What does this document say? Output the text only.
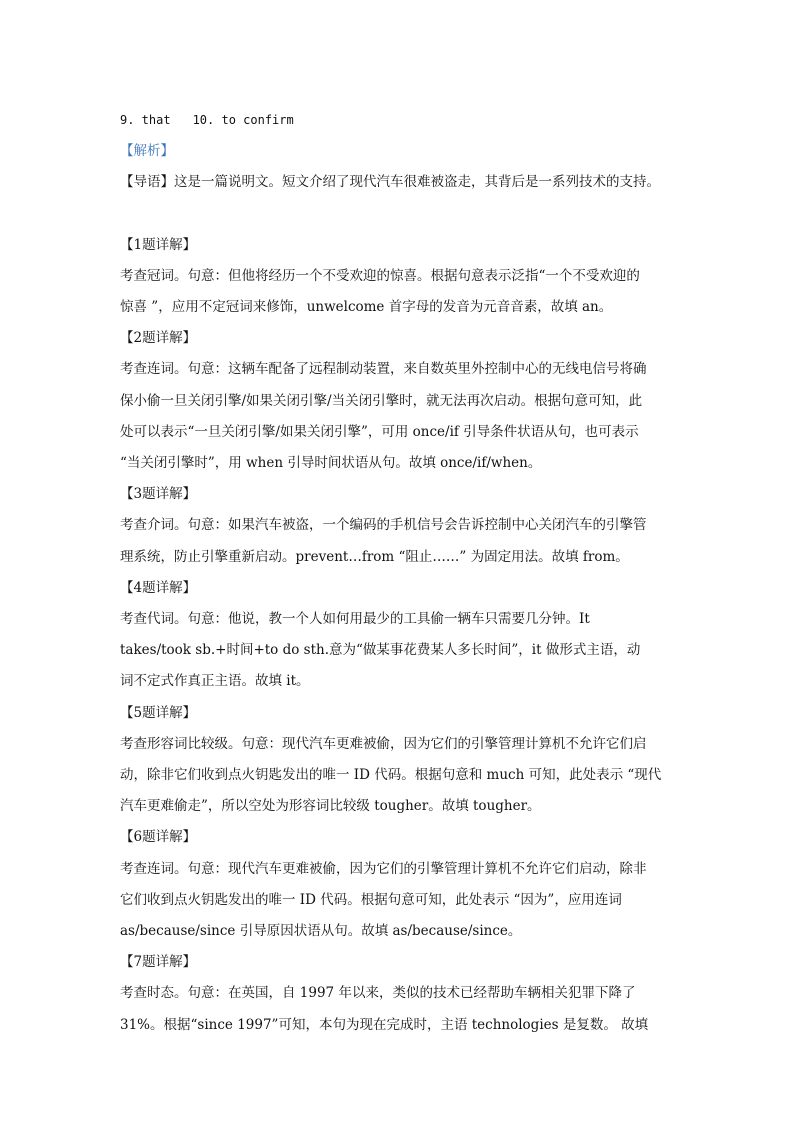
9. that 10. to confirm
【解析】
【导语】这是一篇说明文。短文介绍了现代汽车很难被盗走，其背后是一系列技术的支持。
【1题详解】
考查冠词。句意：但他将经历一个不受欢迎的惊喜。根据句意表示泛指“一个不受欢迎的
惊喜 ”，应用不定冠词来修饰，unwelcome 首字母的发音为元音音素，故填 an。
【2题详解】
考查连词。句意：这辆车配备了远程制动装置，来自数英里外控制中心的无线电信号将确
保小偷一旦关闭引擎/如果关闭引擎/当关闭引擎时，就无法再次启动。根据句意可知，此
处可以表示“一旦关闭引擎/如果关闭引擎”，可用 once/if 引导条件状语从句，也可表示
“当关闭引擎时”，用 when 引导时间状语从句。故填 once/if/when。
【3题详解】
考查介词。句意：如果汽车被盗，一个编码的手机信号会告诉控制中心关闭汽车的引擎管
理系统，防止引擎重新启动。prevent…from “阻止……” 为固定用法。故填 from。
【4题详解】
考查代词。句意：他说，教一个人如何用最少的工具偷一辆车只需要几分钟。It
takes/took sb.+时间+to do sth.意为“做某事花费某人多长时间”，it 做形式主语，动
词不定式作真正主语。故填 it。
【5题详解】
考查形容词比较级。句意：现代汽车更难被偷，因为它们的引擎管理计算机不允许它们启
动，除非它们收到点火钥匙发出的唯一 ID 代码。根据句意和 much 可知，此处表示 “现代
汽车更难偷走”，所以空处为形容词比较级 tougher。故填 tougher。
【6题详解】
考查连词。句意：现代汽车更难被偷，因为它们的引擎管理计算机不允许它们启动，除非
它们收到点火钥匙发出的唯一 ID 代码。根据句意可知，此处表示 “因为”，应用连词
as/because/since 引导原因状语从句。故填 as/because/since。
【7题详解】
考查时态。句意：在英国，自 1997 年以来，类似的技术已经帮助车辆相关犯罪下降了
31%。根据“since 1997”可知，本句为现在完成时，主语 technologies 是复数。 故填
